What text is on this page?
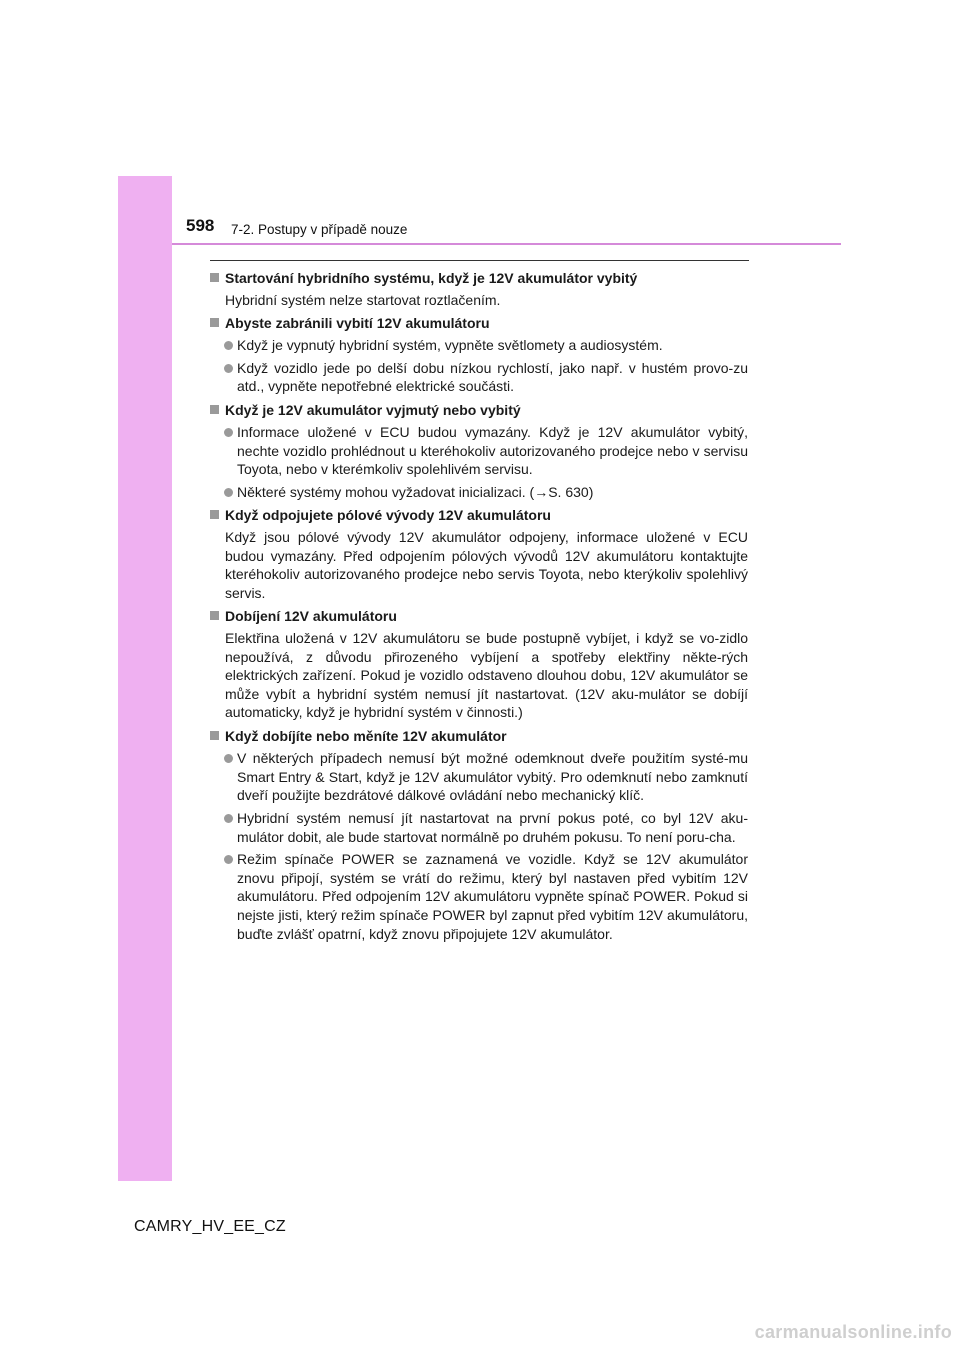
598 7-2. Postupy v případě nouze
Startování hybridního systému, když je 12V akumulátor vybitý
Hybridní systém nelze startovat roztlačením.
Abyste zabránili vybití 12V akumulátoru
Když je vypnutý hybridní systém, vypněte světlomety a audiosystém.
Když vozidlo jede po delší dobu nízkou rychlostí, jako např. v hustém provo-zu atd., vypněte nepotřebné elektrické součásti.
Když je 12V akumulátor vyjmutý nebo vybitý
Informace uložené v ECU budou vymazány. Když je 12V akumulátor vybitý, nechte vozidlo prohlédnout u kteréhokoliv autorizovaného prodejce nebo v servisu Toyota, nebo v kterémkoliv spolehlivém servisu.
Některé systémy mohou vyžadovat inicializaci. (→S. 630)
Když odpojujete pólové vývody 12V akumulátoru
Když jsou pólové vývody 12V akumulátor odpojeny, informace uložené v ECU budou vymazány. Před odpojením pólových vývodů 12V akumulátoru kontaktujte kteréhokoliv autorizovaného prodejce nebo servis Toyota, nebo kterýkoliv spolehlivý servis.
Dobíjení 12V akumulátoru
Elektřina uložená v 12V akumulátoru se bude postupně vybíjet, i když se vo-zidlo nepoužívá, z důvodu přirozeného vybíjení a spotřeby elektřiny někte-rých elektrických zařízení. Pokud je vozidlo odstaveno dlouhou dobu, 12V akumulátor se může vybít a hybridní systém nemusí jít nastartovat. (12V aku-mulátor se dobíjí automaticky, když je hybridní systém v činnosti.)
Když dobíjíte nebo měníte 12V akumulátor
V některých případech nemusí být možné odemknout dveře použitím systé-mu Smart Entry & Start, když je 12V akumulátor vybitý. Pro odemknutí nebo zamknutí dveří použijte bezdrátové dálkové ovládání nebo mechanický klíč.
Hybridní systém nemusí jít nastartovat na první pokus poté, co byl 12V aku-mulátor dobit, ale bude startovat normálně po druhém pokusu. To není poru-cha.
Režim spínače POWER se zaznamená ve vozidle. Když se 12V akumulátor znovu připojí, systém se vrátí do režimu, který byl nastaven před vybitím 12V akumulátoru. Před odpojením 12V akumulátoru vypněte spínač POWER. Pokud si nejste jisti, který režim spínače POWER byl zapnut před vybitím 12V akumulátoru, buďte zvlášť opatrní, když znovu připojujete 12V akumulátor.
CAMRY_HV_EE_CZ
carmanualsonline.info
